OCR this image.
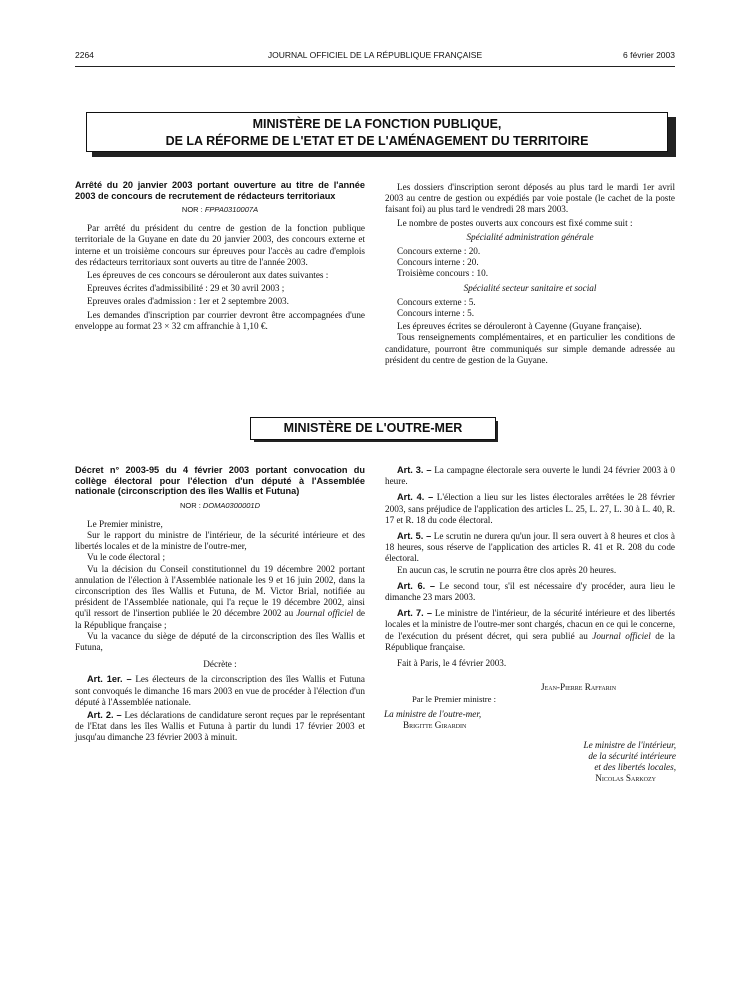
2264	JOURNAL OFFICIEL DE LA RÉPUBLIQUE FRANÇAISE	6 février 2003
MINISTÈRE DE LA FONCTION PUBLIQUE,
DE LA RÉFORME DE L'ETAT ET DE L'AMÉNAGEMENT DU TERRITOIRE
Arrêté du 20 janvier 2003 portant ouverture au titre de l'année 2003 de concours de recrutement de rédacteurs territoriaux
NOR : FPPA0310007A

Par arrêté du président du centre de gestion de la fonction publique territoriale de la Guyane en date du 20 janvier 2003, des concours externe et interne et un troisième concours sur épreuves pour l'accès au cadre d'emplois des rédacteurs territoriaux sont ouverts au titre de l'année 2003.

Les épreuves de ces concours se dérouleront aux dates suivantes :

Epreuves écrites d'admissibilité : 29 et 30 avril 2003 ;

Epreuves orales d'admission : 1er et 2 septembre 2003.

Les demandes d'inscription par courrier devront être accompagnées d'une enveloppe au format 23 × 32 cm affranchie à 1,10 €.

Les dossiers d'inscription seront déposés au plus tard le mardi 1er avril 2003 au centre de gestion ou expédiés par voie postale (le cachet de la poste faisant foi) au plus tard le vendredi 28 mars 2003.

Le nombre de postes ouverts aux concours est fixé comme suit :

Spécialité administration générale

Concours externe : 20.

Concours interne : 20.

Troisième concours : 10.

Spécialité secteur sanitaire et social

Concours externe : 5.

Concours interne : 5.

Les épreuves écrites se dérouleront à Cayenne (Guyane française).

Tous renseignements complémentaires, et en particulier les conditions de candidature, pourront être communiqués sur simple demande adressée au président du centre de gestion de la Guyane.

MINISTÈRE DE L'OUTRE-MER
Décret n° 2003-95 du 4 février 2003 portant convocation du collège électoral pour l'élection d'un député à l'Assemblée nationale (circonscription des îles Wallis et Futuna)
NOR : DOMA0300001D

Le Premier ministre,

Sur le rapport du ministre de l'intérieur, de la sécurité intérieure et des libertés locales et de la ministre de l'outre-mer,

Vu le code électoral ;

Vu la décision du Conseil constitutionnel du 19 décembre 2002 portant annulation de l'élection à l'Assemblée nationale les 9 et 16 juin 2002, dans la circonscription des îles Wallis et Futuna, de M. Victor Brial, notifiée au président de l'Assemblée nationale, qui l'a reçue le 19 décembre 2002, ainsi qu'il ressort de l'insertion publiée le 20 décembre 2002 au Journal officiel de la République française ;

Vu la vacance du siège de député de la circonscription des îles Wallis et Futuna,

Décrète :

Art. 1er. – Les électeurs de la circonscription des îles Wallis et Futuna sont convoqués le dimanche 16 mars 2003 en vue de procéder à l'élection d'un député à l'Assemblée nationale.

Art. 2. – Les déclarations de candidature seront reçues par le représentant de l'Etat dans les îles Wallis et Futuna à partir du lundi 17 février 2003 et jusqu'au dimanche 23 février 2003 à minuit.

Art. 3. – La campagne électorale sera ouverte le lundi 24 février 2003 à 0 heure.

Art. 4. – L'élection a lieu sur les listes électorales arrêtées le 28 février 2003, sans préjudice de l'application des articles L. 25, L. 27, L. 30 à L. 40, R. 17 et R. 18 du code électoral.

Art. 5. – Le scrutin ne durera qu'un jour. Il sera ouvert à 8 heures et clos à 18 heures, sous réserve de l'application des articles R. 41 et R. 208 du code électoral.

En aucun cas, le scrutin ne pourra être clos après 20 heures.

Art. 6. – Le second tour, s'il est nécessaire d'y procéder, aura lieu le dimanche 23 mars 2003.

Art. 7. – Le ministre de l'intérieur, de la sécurité intérieure et des libertés locales et la ministre de l'outre-mer sont chargés, chacun en ce qui le concerne, de l'exécution du présent décret, qui sera publié au Journal officiel de la République française.

Fait à Paris, le 4 février 2003.

Jean-Pierre Raffarin
Par le Premier ministre :
La ministre de l'outre-mer,
Brigitte Girardin
Le ministre de l'intérieur,
de la sécurité intérieure
et des libertés locales,
Nicolas Sarkozy
